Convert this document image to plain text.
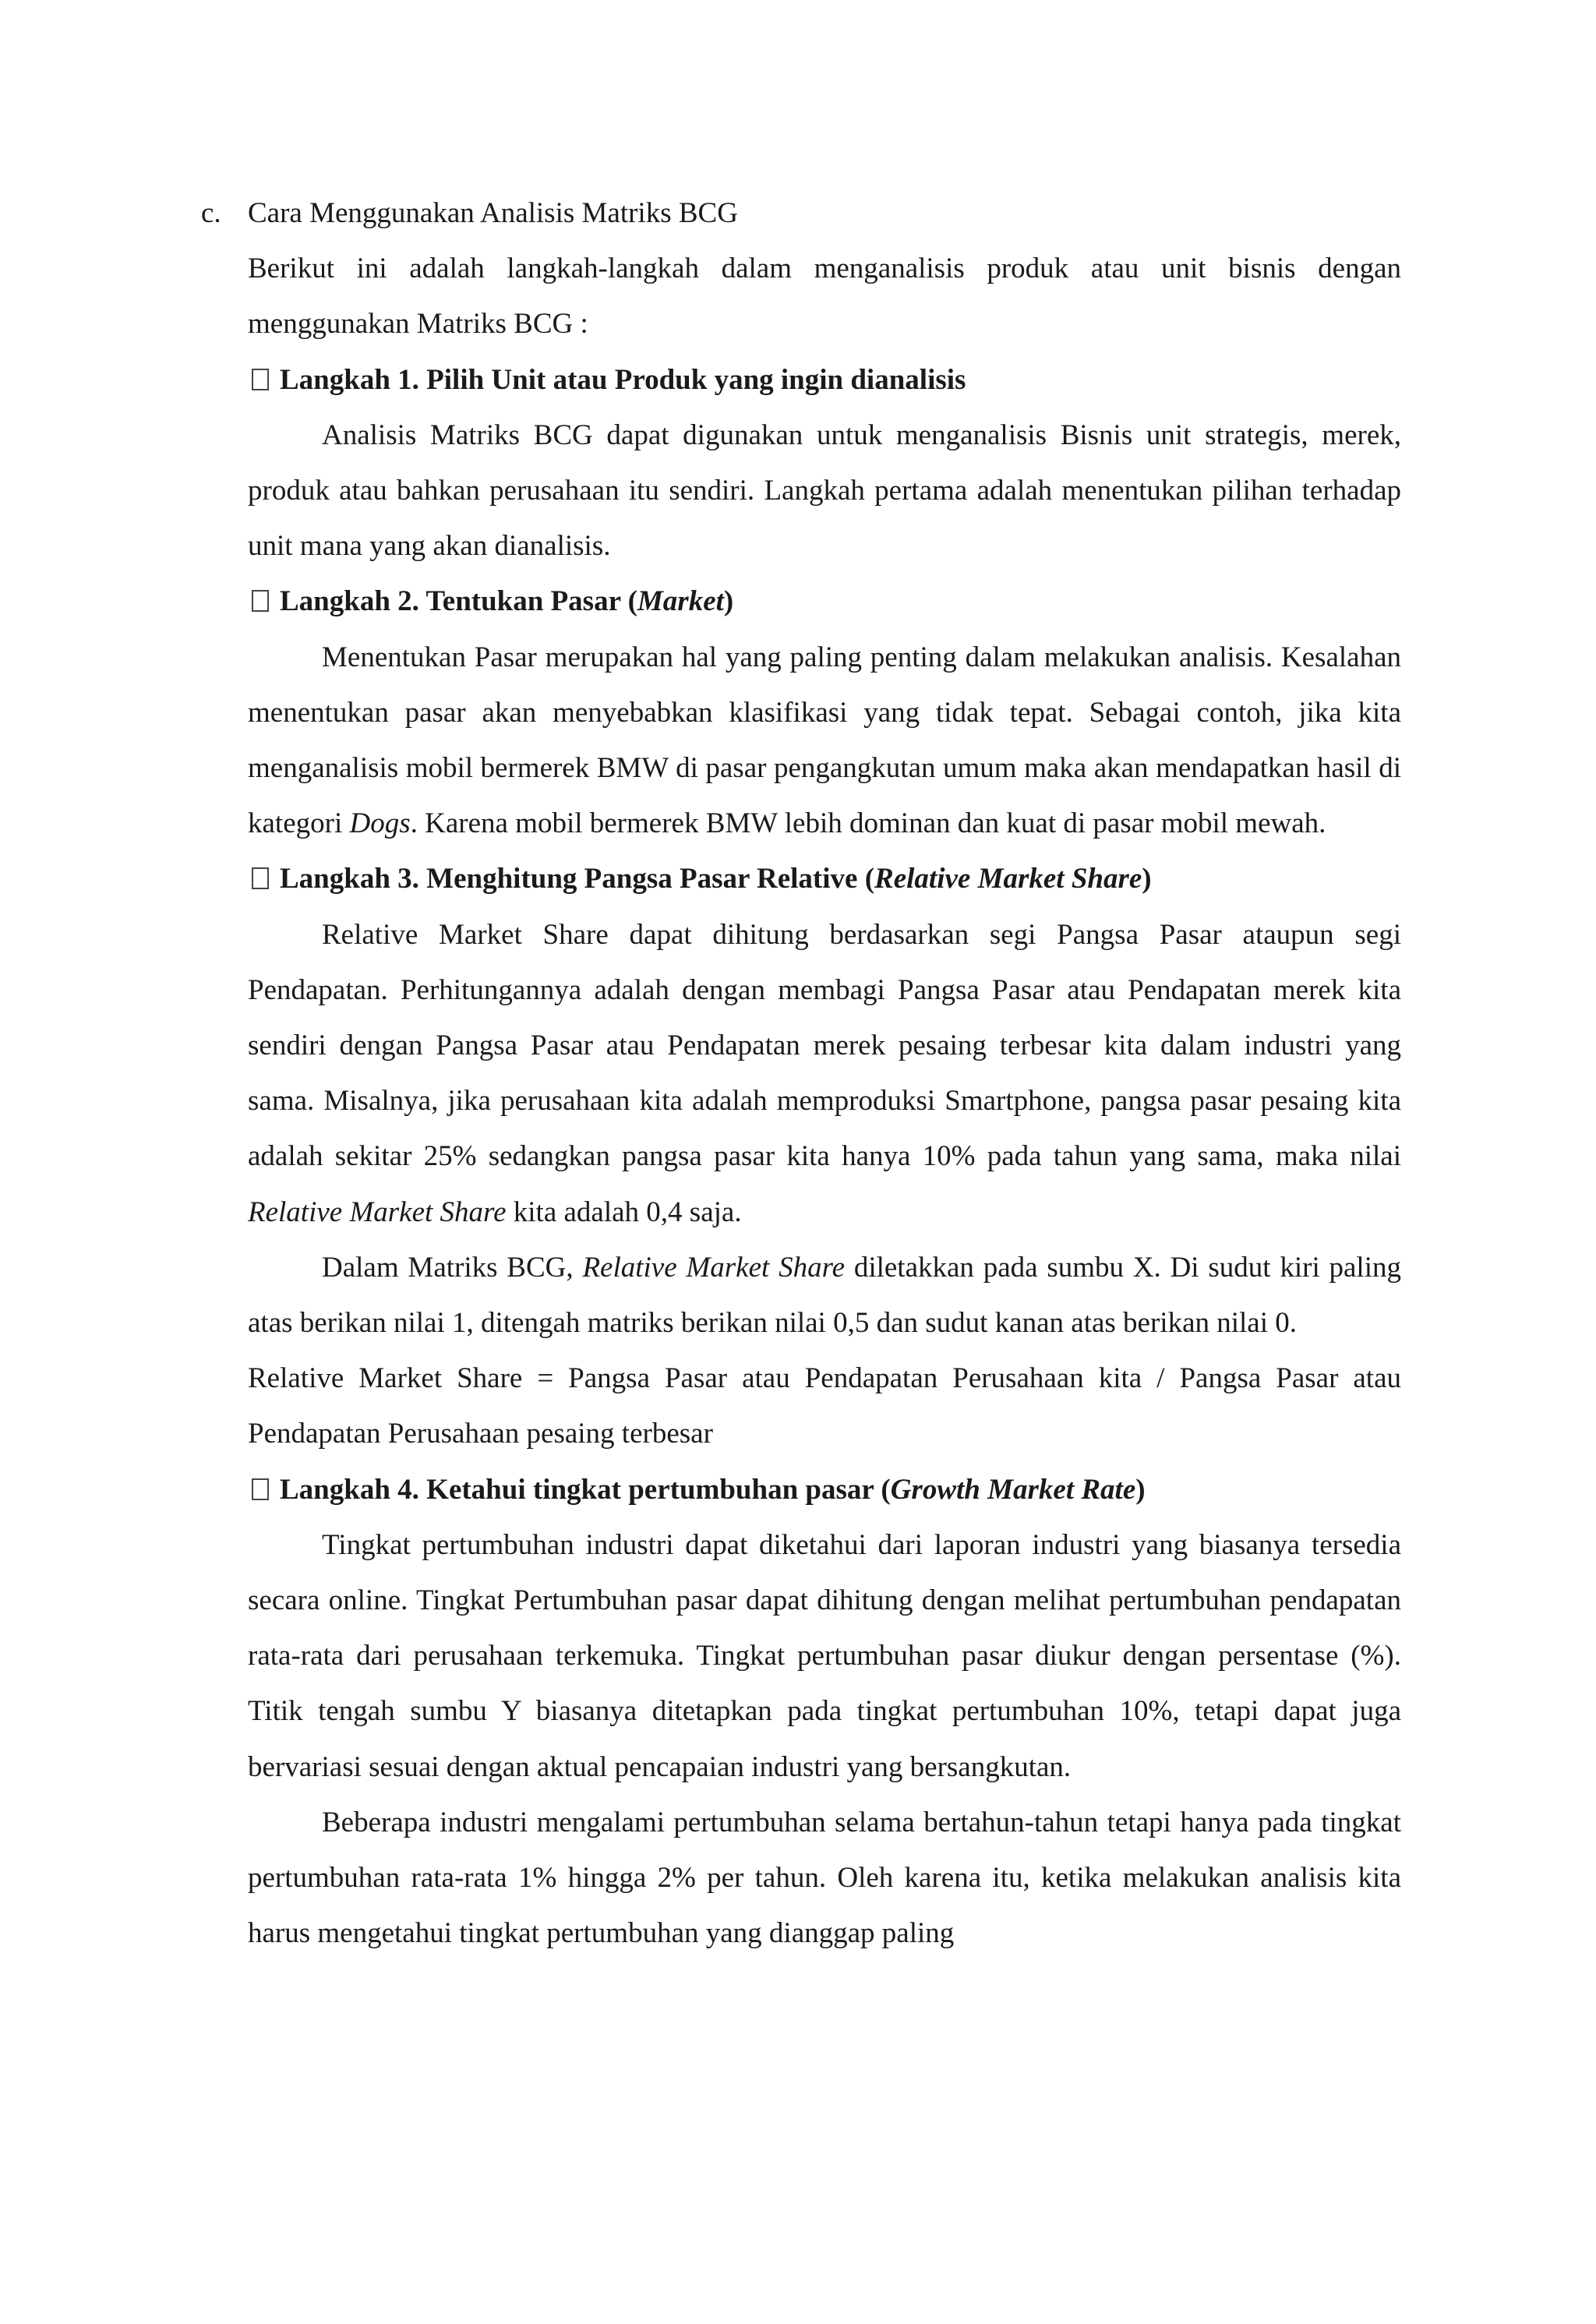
c. Cara Menggunakan Analisis Matriks BCG

Berikut ini adalah langkah-langkah dalam menganalisis produk atau unit bisnis dengan menggunakan Matriks BCG :

Langkah 1. Pilih Unit atau Produk yang ingin dianalisis

Analisis Matriks BCG dapat digunakan untuk menganalisis Bisnis unit strategis, merek, produk atau bahkan perusahaan itu sendiri. Langkah pertama adalah menentukan pilihan terhadap unit mana yang akan dianalisis.

Langkah 2. Tentukan Pasar (Market)

Menentukan Pasar merupakan hal yang paling penting dalam melakukan analisis. Kesalahan menentukan pasar akan menyebabkan klasifikasi yang tidak tepat. Sebagai contoh, jika kita menganalisis mobil bermerek BMW di pasar pengangkutan umum maka akan mendapatkan hasil di kategori Dogs. Karena mobil bermerek BMW lebih dominan dan kuat di pasar mobil mewah.

Langkah 3. Menghitung Pangsa Pasar Relative (Relative Market Share)

Relative Market Share dapat dihitung berdasarkan segi Pangsa Pasar ataupun segi Pendapatan. Perhitungannya adalah dengan membagi Pangsa Pasar atau Pendapatan merek kita sendiri dengan Pangsa Pasar atau Pendapatan merek pesaing terbesar kita dalam industri yang sama. Misalnya, jika perusahaan kita adalah memproduksi Smartphone, pangsa pasar pesaing kita adalah sekitar 25% sedangkan pangsa pasar kita hanya 10% pada tahun yang sama, maka nilai Relative Market Share kita adalah 0,4 saja.

Dalam Matriks BCG, Relative Market Share diletakkan pada sumbu X. Di sudut kiri paling atas berikan nilai 1, ditengah matriks berikan nilai 0,5 dan sudut kanan atas berikan nilai 0.

Relative Market Share = Pangsa Pasar atau Pendapatan Perusahaan kita / Pangsa Pasar atau Pendapatan Perusahaan pesaing terbesar

Langkah 4. Ketahui tingkat pertumbuhan pasar (Growth Market Rate)

Tingkat pertumbuhan industri dapat diketahui dari laporan industri yang biasanya tersedia secara online. Tingkat Pertumbuhan pasar dapat dihitung dengan melihat pertumbuhan pendapatan rata-rata dari perusahaan terkemuka. Tingkat pertumbuhan pasar diukur dengan persentase (%). Titik tengah sumbu Y biasanya ditetapkan pada tingkat pertumbuhan 10%, tetapi dapat juga bervariasi sesuai dengan aktual pencapaian industri yang bersangkutan.

Beberapa industri mengalami pertumbuhan selama bertahun-tahun tetapi hanya pada tingkat pertumbuhan rata-rata 1% hingga 2% per tahun. Oleh karena itu, ketika melakukan analisis kita harus mengetahui tingkat pertumbuhan yang dianggap paling
